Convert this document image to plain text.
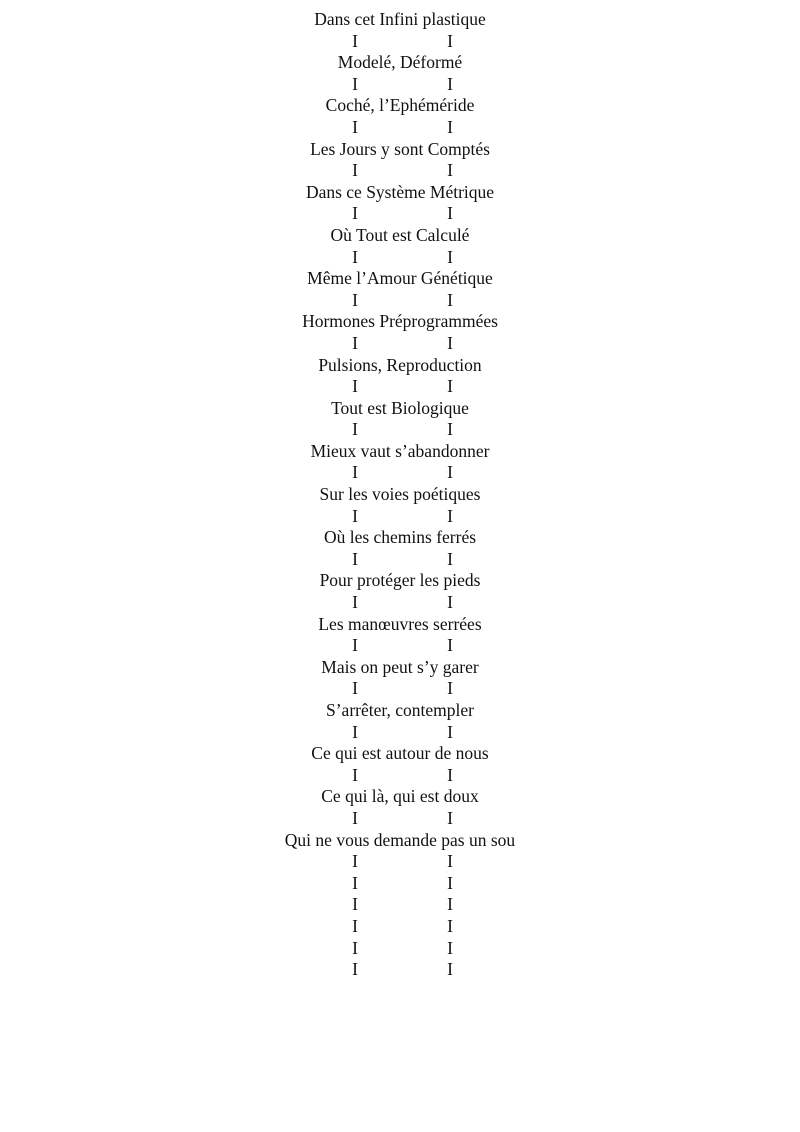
Dans cet Infini plastique
I	I
Modelé, Déformé
I	I
Coché, l’Ephéméride
I	I
Les Jours y sont Comptés
I	I
Dans ce Système Métrique
I	I
Où Tout est Calculé
I	I
Même l’Amour Génétique
I	I
Hormones Préprogrammées
I	I
Pulsions, Reproduction
I	I
Tout est Biologique
I	I
Mieux vaut s’abandonner
I	I
Sur les voies poétiques
I	I
Où les chemins ferrés
I	I
Pour protéger les pieds
I	I
Les manœuvres serrées
I	I
Mais on peut s’y garer
I	I
S’arrêter, contempler
I	I
Ce qui est autour de nous
I	I
Ce qui là, qui est doux
I	I
Qui ne vous demande pas un sou
I	I
I	I
I	I
I	I
I	I
I	I
